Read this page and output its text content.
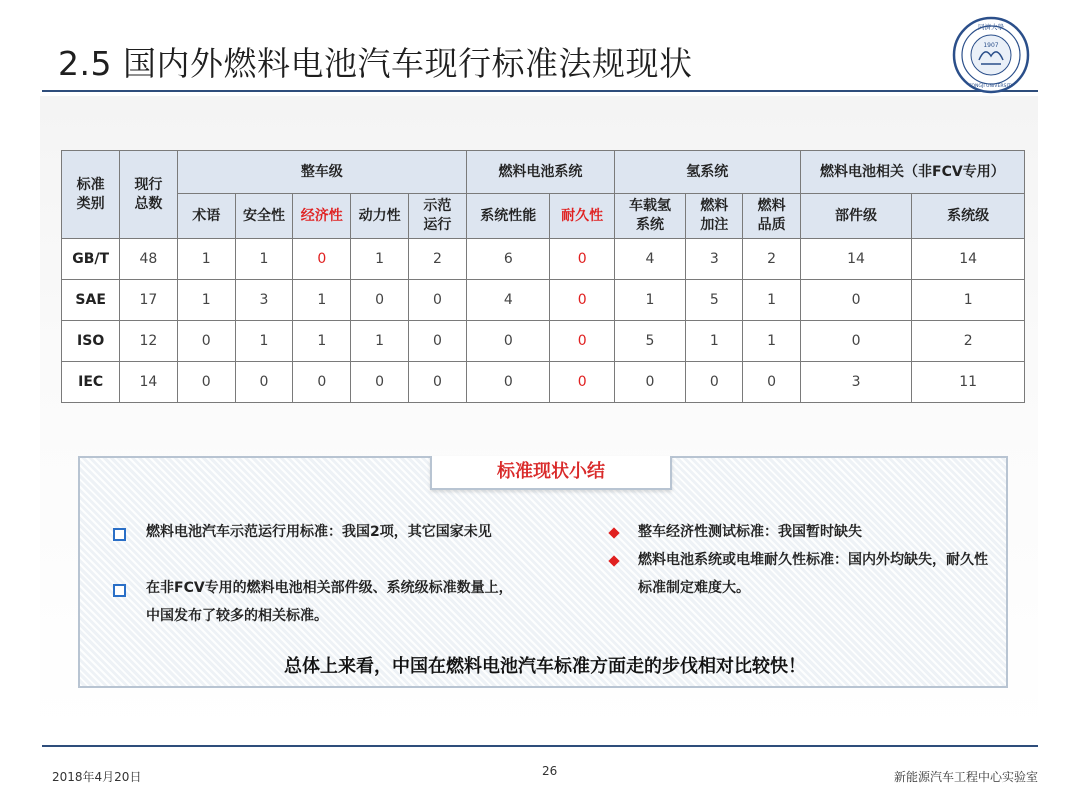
2.5 国内外燃料电池汽车现行标准法规现状
同濟大學
1907
TONGJI UNIVERSITY
标准类别	现行总数	整车级					燃料电池系统		氢系统			燃料电池相关（非FCV专用）	
		术语	安全性	经济性	动力性	示范运行	系统性能	耐久性	车载氢系统	燃料加注	燃料品质	部件级	系统级
GB/T	48	1	1	0	1	2	6	0	4	3	2	14	14
SAE	17	1	3	1	0	0	4	0	1	5	1	0	1
ISO	12	0	1	1	1	0	0	0	5	1	1	0	2
IEC	14	0	0	0	0	0	0	0	0	0	0	3	11
标准现状小结
燃料电池汽车示范运行用标准：我国2项，其它国家未见
在非FCV专用的燃料电池相关部件级、系统级标准数量上，中国发布了较多的相关标准。
整车经济性测试标准：我国暂时缺失
燃料电池系统或电堆耐久性标准：国内外均缺失，耐久性标准制定难度大。
总体上来看，中国在燃料电池汽车标准方面走的步伐相对比较快！
2018年4月20日	26	新能源汽车工程中心实验室
